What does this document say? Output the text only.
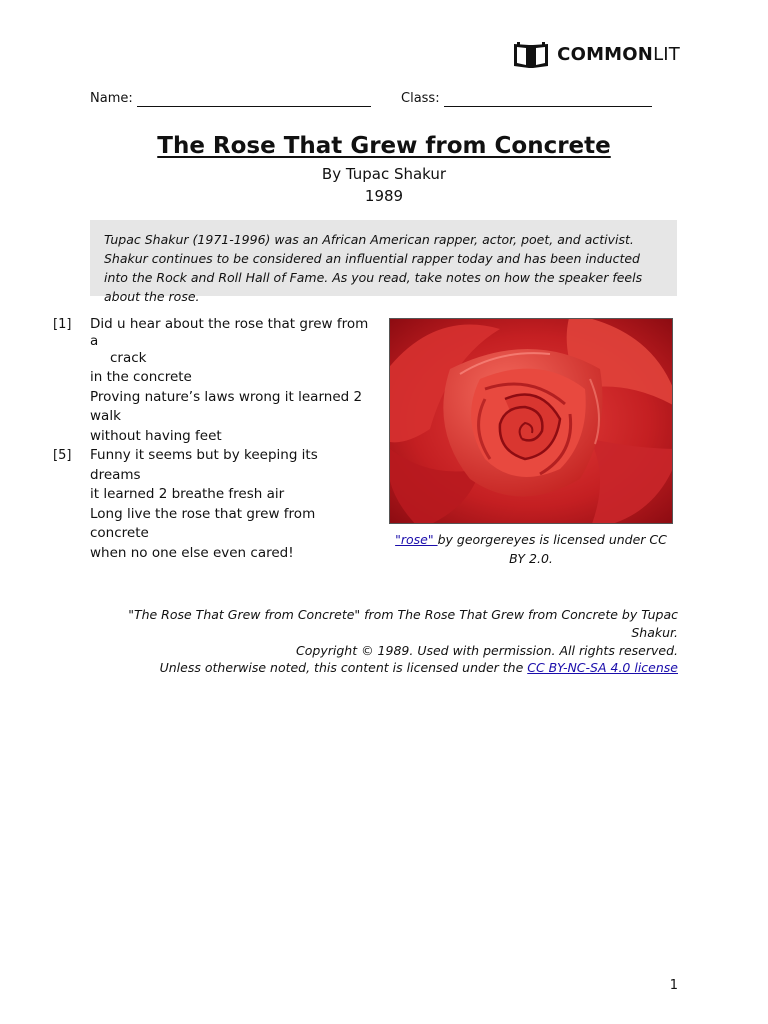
COMMONLIT
Name:	Class:
The Rose That Grew from Concrete
By Tupac Shakur
1989
Tupac Shakur (1971-1996) was an African American rapper, actor, poet, and activist. Shakur continues to be considered an influential rapper today and has been inducted into the Rock and Roll Hall of Fame. As you read, take notes on how the speaker feels about the rose.
[1] Did u hear about the rose that grew from a
crack
in the concrete
Proving nature’s laws wrong it learned 2 walk
without having feet
[5] Funny it seems but by keeping its dreams
it learned 2 breathe fresh air
Long live the rose that grew from concrete
when no one else even cared!
"rose" by georgereyes is licensed under CC BY 2.0.
"The Rose That Grew from Concrete" from The Rose That Grew from Concrete by Tupac Shakur.
Copyright © 1989. Used with permission. All rights reserved.
Unless otherwise noted, this content is licensed under the CC BY-NC-SA 4.0 license
1
